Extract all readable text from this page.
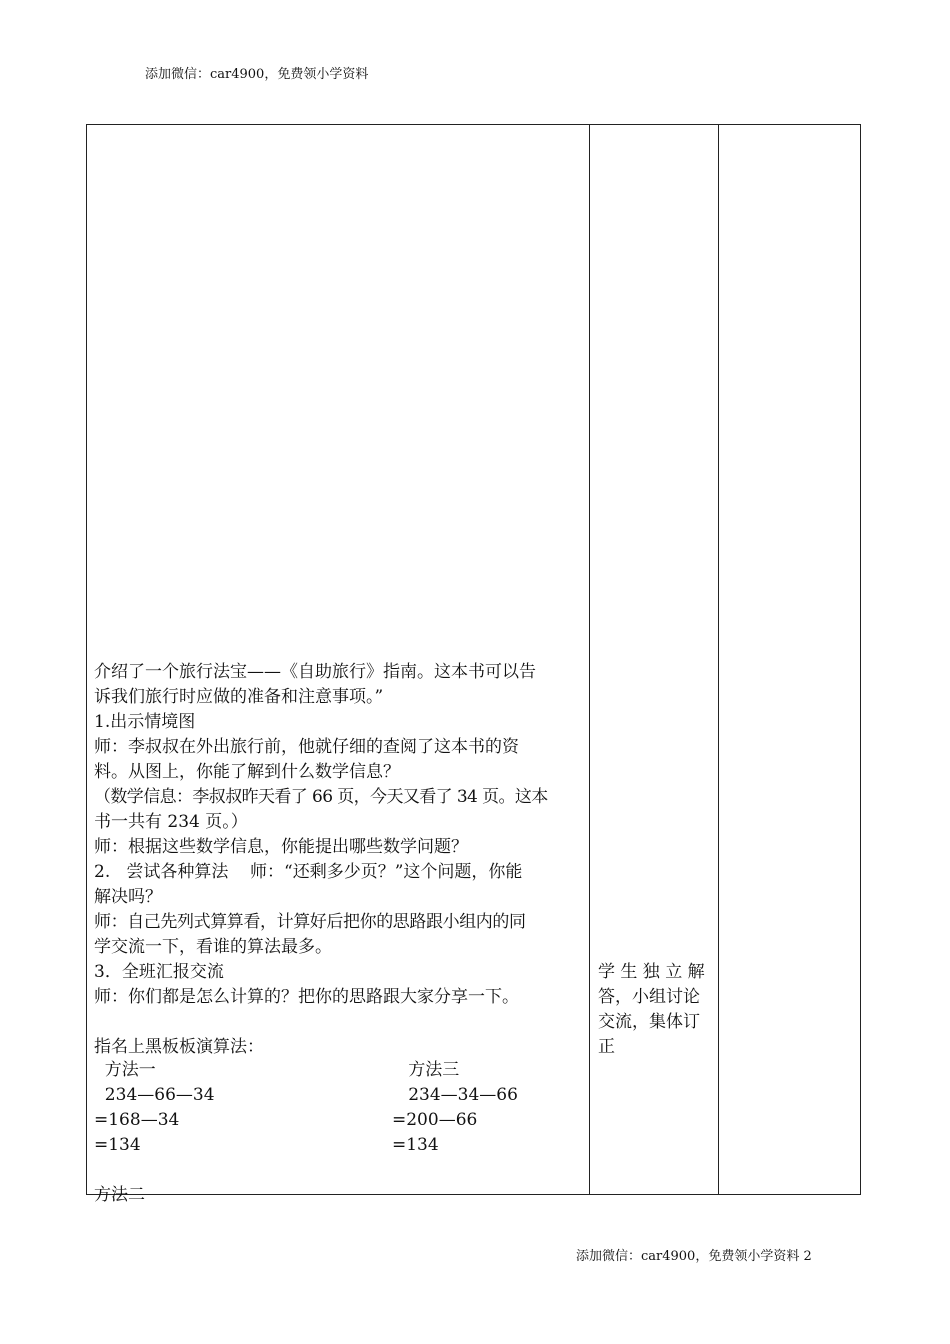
添加微信：car4900，免费领小学资料
介绍了一个旅行法宝——《自助旅行》指南。这本书可以告
诉我们旅行时应做的准备和注意事项。”
1.出示情境图
师：李叔叔在外出旅行前，他就仔细的查阅了这本书的资
料。从图上，你能了解到什么数学信息？
（数学信息：李叔叔昨天看了 66 页，今天又看了 34 页。这本
书一共有 234 页。）
师：根据这些数学信息，你能提出哪些数学问题？
2.   尝试各种算法    师：“还剩多少页？”这个问题，你能
解决吗？
师：自己先列式算算看，计算好后把你的思路跟小组内的同
学交流一下，看谁的算法最多。
3．全班汇报交流
师：你们都是怎么计算的？把你的思路跟大家分享一下。
指名上黑板板演算法：
方法一	方法三
234—66—34	234—34—66
=168—34	=200—66
=134	=134
方法二
学 生 独 立 解
答，小组讨论
交流，集体订
正
添加微信：car4900，免费领小学资料 2
